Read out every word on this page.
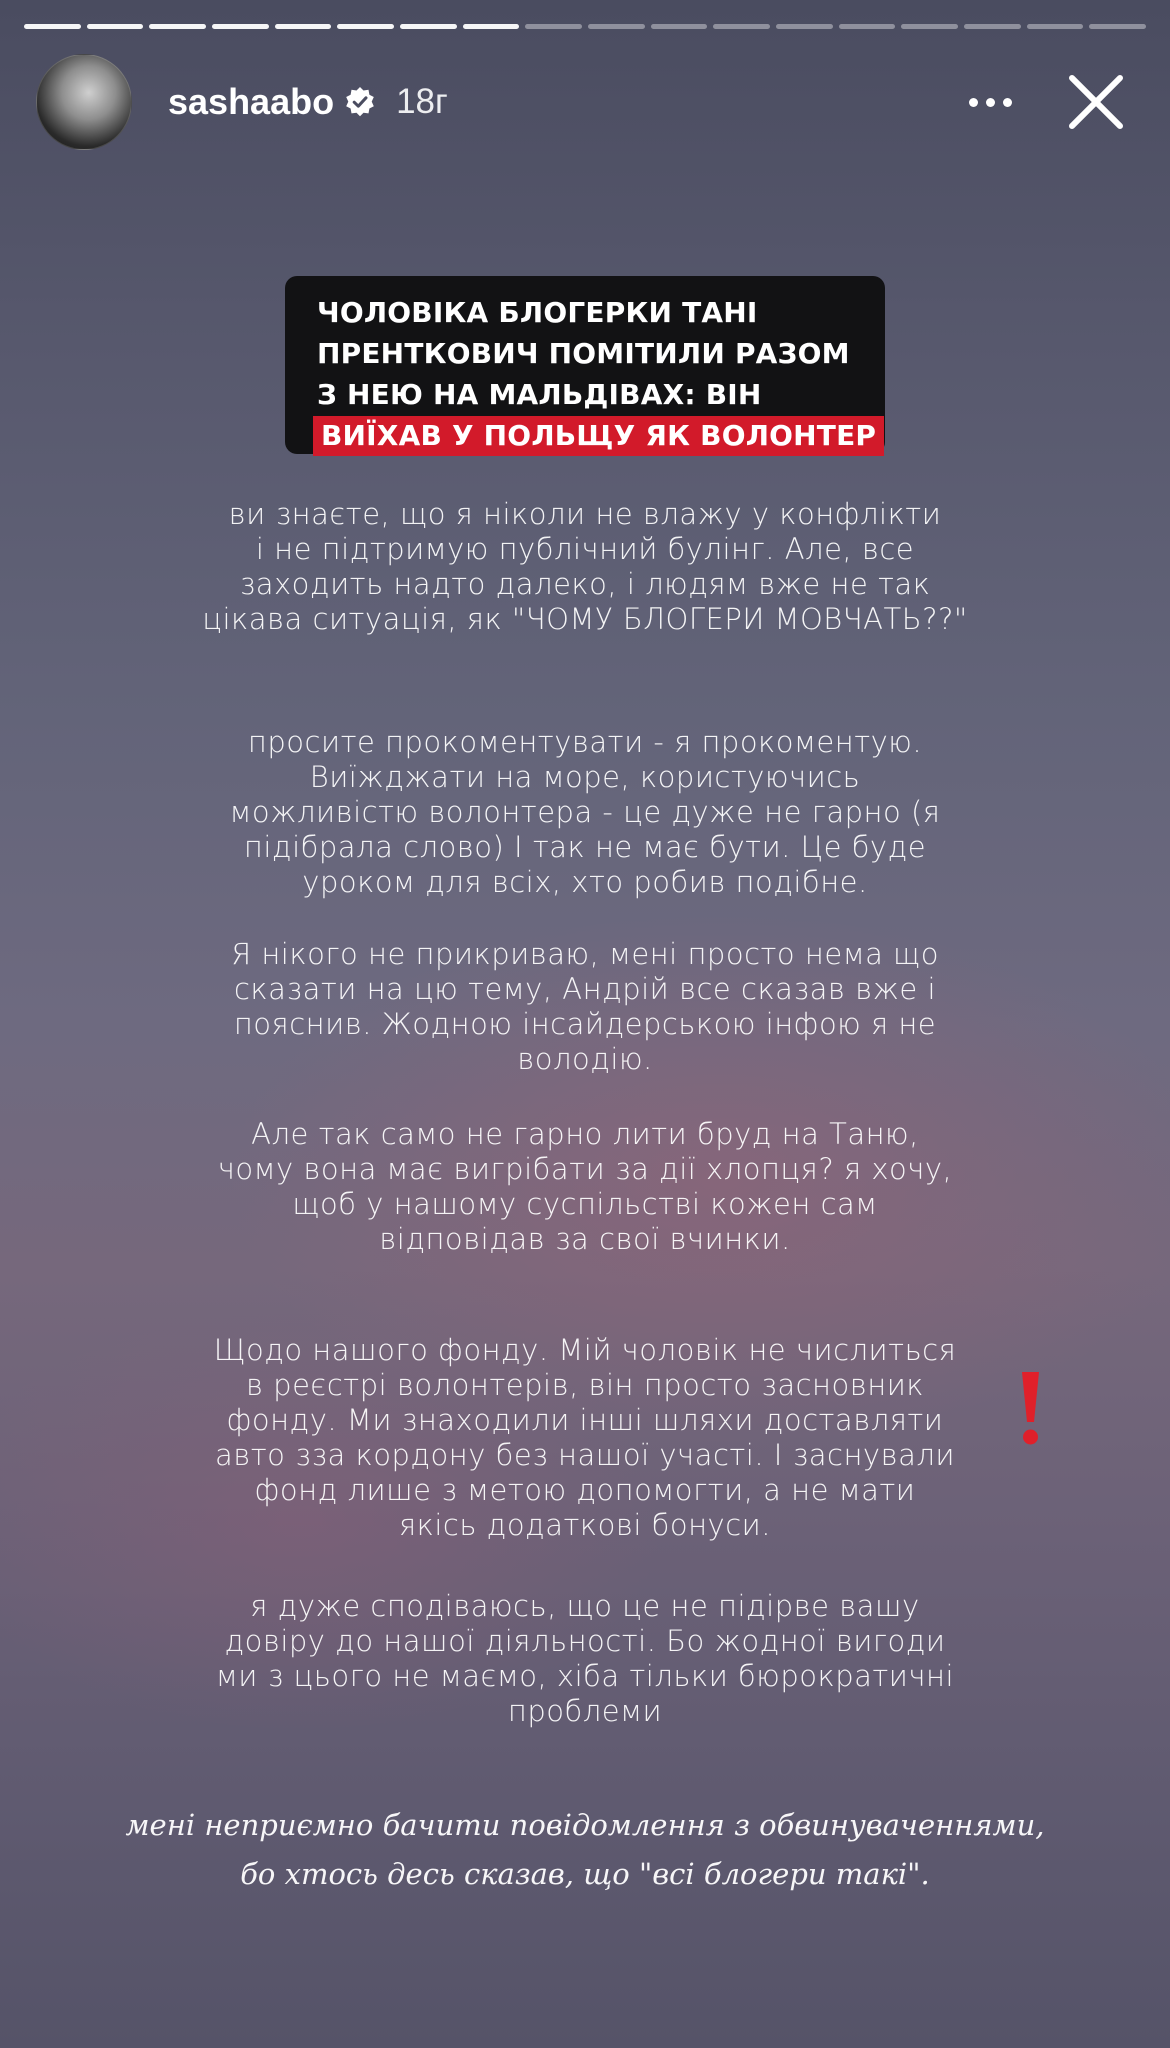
sashaabo 18г
ЧОЛОВІКА БЛОГЕРКИ ТАНІ
ПРЕНТКОВИЧ ПОМІТИЛИ РАЗОМ
З НЕЮ НА МАЛЬДІВАХ: ВІН
ВИЇХАВ У ПОЛЬЩУ ЯК ВОЛОНТЕР
ви знаєте, що я ніколи не влажу у конфлікти
і не підтримую публічний булінг. Але, все
заходить надто далеко, і людям вже не так
цікава ситуація, як "ЧОМУ БЛОГЕРИ МОВЧАТЬ??"
просите прокоментувати - я прокоментую.
Виїжджати на море, користуючись
можливістю волонтера - це дуже не гарно (я
підібрала слово) І так не має бути. Це буде
уроком для всіх, хто робив подібне.
Я нікого не прикриваю, мені просто нема що
сказати на цю тему, Андрій все сказав вже і
пояснив. Жодною інсайдерською інфою я не
володію.
Але так само не гарно лити бруд на Таню,
чому вона має вигрібати за дії хлопця? я хочу,
щоб у нашому суспільстві кожен сам
відповідав за свої вчинки.
Щодо нашого фонду. Мій чоловік не числиться
в реєстрі волонтерів, він просто засновник
фонду. Ми знаходили інші шляхи доставляти
авто зза кордону без нашої участі. І заснували
фонд лише з метою допомогти, а не мати
якісь додаткові бонуси.
я дуже сподіваюсь, що це не підірве вашу
довіру до нашої діяльності. Бо жодної вигоди
ми з цього не маємо, хіба тільки бюрократичні
проблеми
мені неприємно бачити повідомлення з обвинуваченнями,
бо хтось десь сказав, що "всі блогери такі".
